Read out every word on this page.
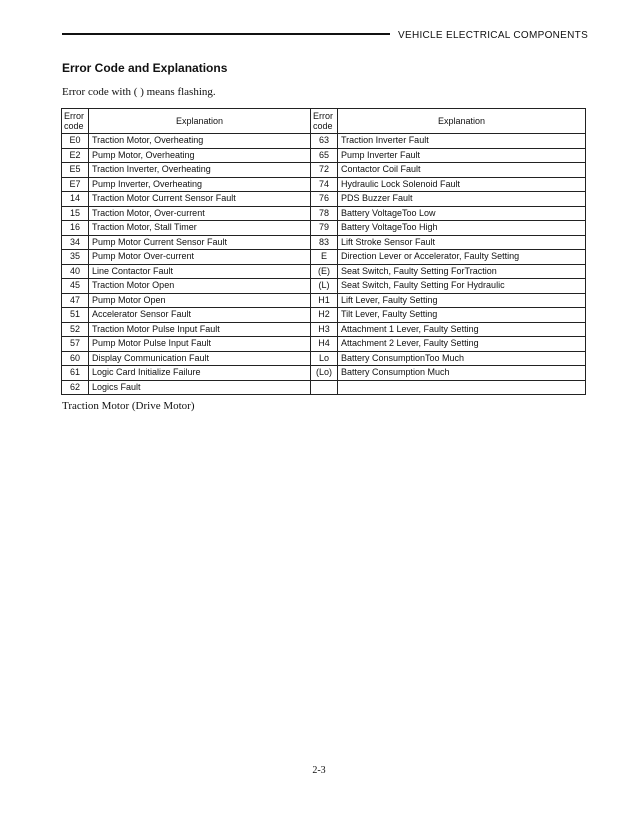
VEHICLE ELECTRICAL COMPONENTS
Error Code and Explanations
Error code with ( ) means flashing.
Error
code	Explanation	Error
code	Explanation
E0	Traction Motor, Overheating	63	Traction Inverter Fault
E2	Pump Motor, Overheating	65	Pump Inverter Fault
E5	Traction Inverter, Overheating	72	Contactor Coil Fault
E7	Pump Inverter, Overheating	74	Hydraulic Lock Solenoid Fault
14	Traction Motor Current Sensor Fault	76	PDS Buzzer Fault
15	Traction Motor, Over-current	78	Battery VoltageToo Low
16	Traction Motor, Stall Timer	79	Battery VoltageToo High
34	Pump Motor Current Sensor Fault	83	Lift Stroke Sensor Fault
35	Pump Motor Over-current	E	Direction Lever or Accelerator, Faulty Setting
40	Line Contactor Fault	(E)	Seat Switch, Faulty Setting ForTraction
45	Traction Motor Open	(L)	Seat Switch, Faulty Setting For Hydraulic
47	Pump Motor Open	H1	Lift Lever, Faulty Setting
51	Accelerator Sensor Fault	H2	Tilt Lever, Faulty Setting
52	Traction Motor Pulse Input Fault	H3	Attachment 1 Lever, Faulty Setting
57	Pump Motor Pulse Input Fault	H4	Attachment 2 Lever, Faulty Setting
60	Display Communication Fault	Lo	Battery ConsumptionToo Much
61	Logic Card Initialize Failure	(Lo)	Battery Consumption Much
62	Logics Fault		
Traction Motor (Drive Motor)
2-3
